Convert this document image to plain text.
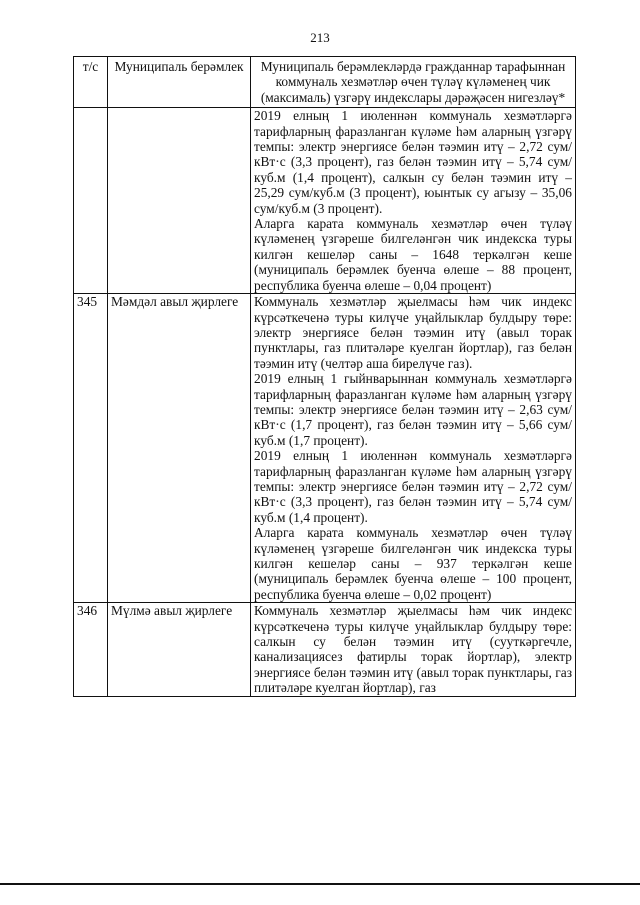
213
т/с	Муниципаль берәмлек	Муниципаль берәмлекләрдә гражданнар тарафыннан коммуналь хезмәтләр өчен түләү күләменең чик (максималь) үзгәрү индекслары дәрәҗәсен нигезләү*

		2019 елның 1 июленнән коммуналь хезмәтләргә тарифларның фаразланган күләме һәм аларның үзгәрү темпы: электр энергиясе белән тәэмин итү – 2,72 сум/кВт·с (3,3 процент), газ белән тәэмин итү – 5,74 сум/куб.м (1,4 процент), салкын су белән тәэмин итү – 25,29 сум/куб.м (3 процент), юынтык су агызу – 35,06 сум/куб.м (3 процент).
Аларга карата коммуналь хезмәтләр өчен түләү күләменең үзгәреше билгеләнгән чик индекска туры килгән кешеләр саны – 1648 теркәлгән кеше (муниципаль берәмлек буенча өлеше – 88 процент, республика буенча өлеше – 0,04 процент)

345	Мәмдәл авыл җирлеге	Коммуналь хезмәтләр җыелмасы һәм чик индекс күрсәткеченә туры килүче уңайлыклар булдыру төре: электр энергиясе белән тәэмин итү (авыл торак пунктлары, газ плитәләре куелган йортлар), газ белән тәэмин итү (челтәр аша бирелүче газ).
2019 елның 1 гыйнварыннан коммуналь хезмәтләргә тарифларның фаразланган күләме һәм аларның үзгәрү темпы: электр энергиясе белән тәэмин итү – 2,63 сум/кВт·с (1,7 процент), газ белән тәэмин итү – 5,66 сум/куб.м (1,7 процент).
2019 елның 1 июленнән коммуналь хезмәтләргә тарифларның фаразланган күләме һәм аларның үзгәрү темпы: электр энергиясе белән тәэмин итү – 2,72 сум/кВт·с (3,3 процент), газ белән тәэмин итү – 5,74 сум/куб.м (1,4 процент).
Аларга карата коммуналь хезмәтләр өчен түләү күләменең үзгәреше билгеләнгән чик индекска туры килгән кешеләр саны – 937 теркәлгән кеше (муниципаль берәмлек буенча өлеше – 100 процент, республика буенча өлеше – 0,02 процент)

346	Мүлмә авыл җирлеге	Коммуналь хезмәтләр җыелмасы һәм чик индекс күрсәткеченә туры килүче уңайлыклар булдыру төре: салкын су белән тәэмин итү (сууткәргечле, канализациясез фатирлы торак йортлар), электр энергиясе белән тәэмин итү (авыл торак пунктлары, газ плитәләре куелган йортлар), газ
